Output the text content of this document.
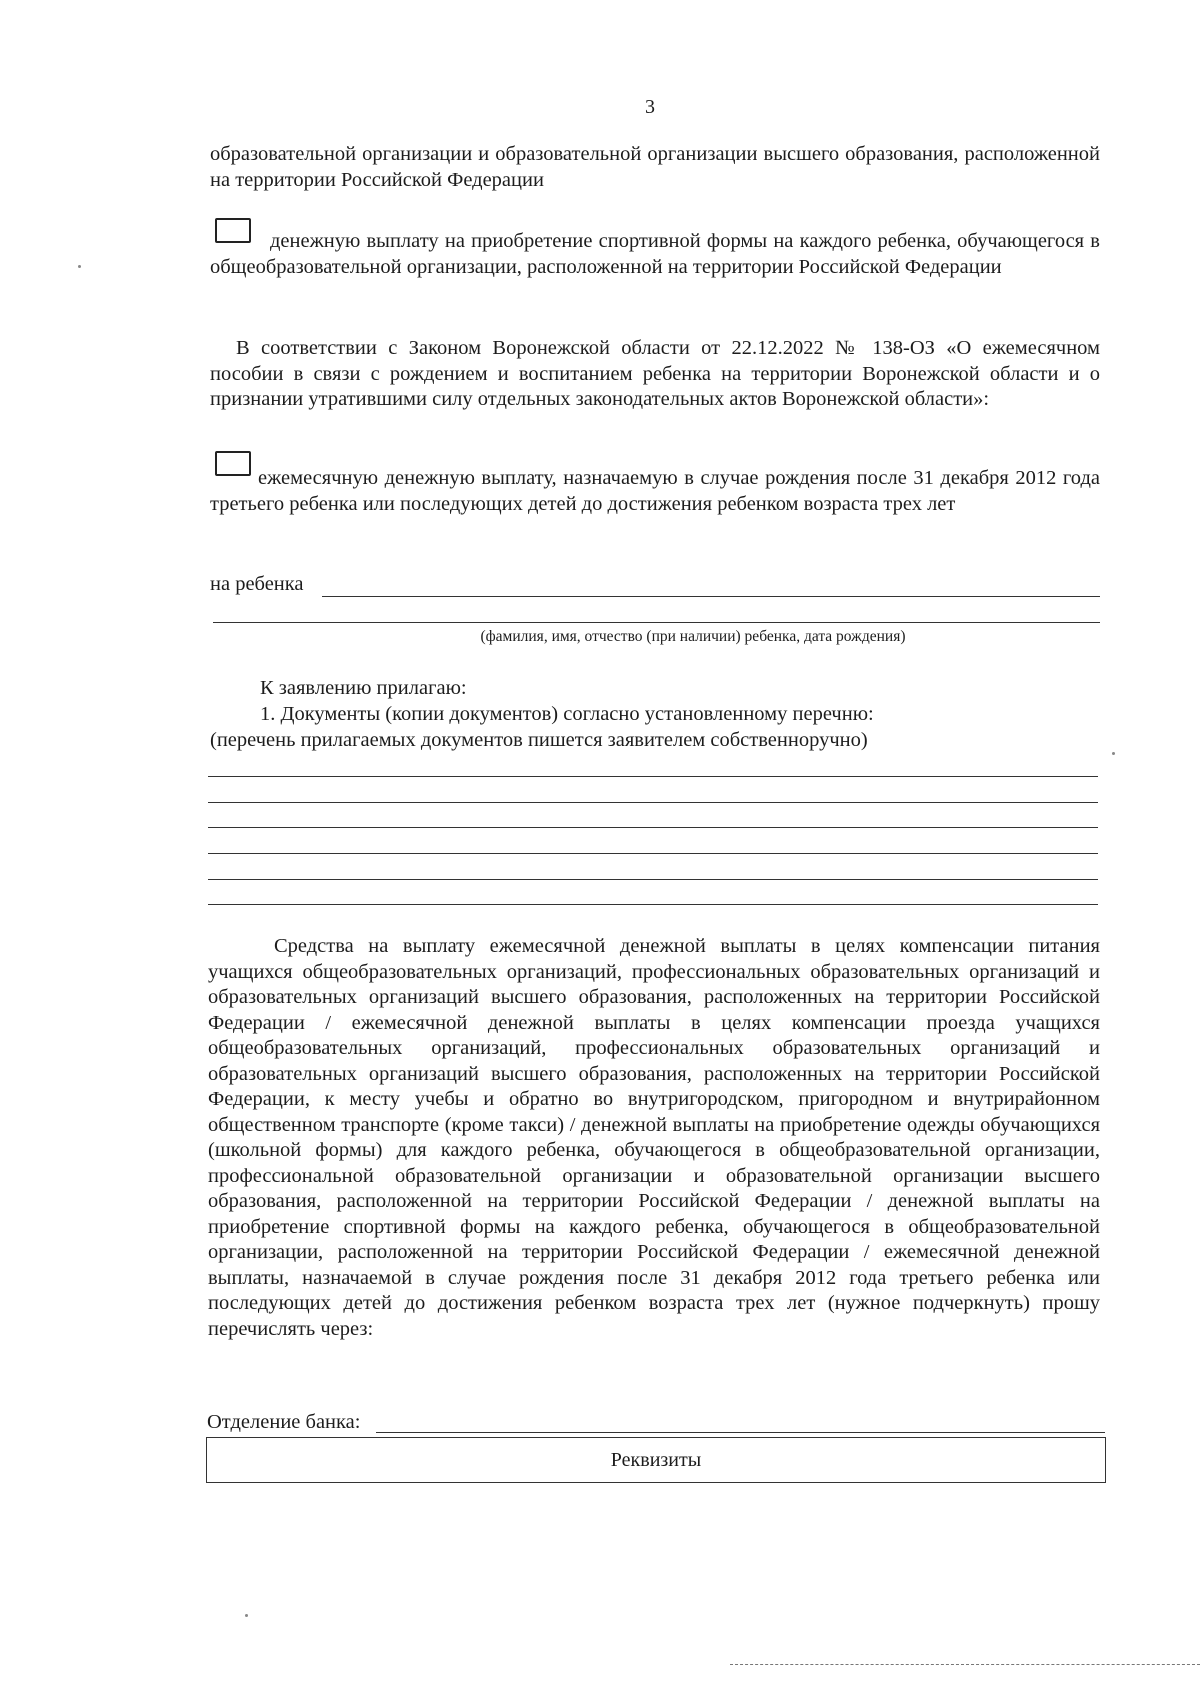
3
образовательной организации и образовательной организации высшего образования, расположенной на территории Российской Федерации
денежную выплату на приобретение спортивной формы на каждого ребенка, обучающегося в общеобразовательной организации, расположенной на территории Российской Федерации
В соответствии с Законом Воронежской области от 22.12.2022 № 138-ОЗ «О ежемесячном пособии в связи с рождением и воспитанием ребенка на территории Воронежской области и о признании утратившими силу отдельных законодательных актов Воронежской области»:
ежемесячную денежную выплату, назначаемую в случае рождения после 31 декабря 2012 года третьего ребенка или последующих детей до достижения ребенком возраста трех лет
на ребенка
(фамилия, имя, отчество (при наличии) ребенка, дата рождения)
К заявлению прилагаю:
1. Документы (копии документов) согласно установленному перечню:
(перечень прилагаемых документов пишется заявителем собственноручно)
Средства на выплату ежемесячной денежной выплаты в целях компенсации питания учащихся общеобразовательных организаций, профессиональных образовательных организаций и образовательных организаций высшего образования, расположенных на территории Российской Федерации / ежемесячной денежной выплаты в целях компенсации проезда учащихся общеобразовательных организаций, профессиональных образовательных организаций и образовательных организаций высшего образования, расположенных на территории Российской Федерации, к месту учебы и обратно во внутригородском, пригородном и внутрирайонном общественном транспорте (кроме такси) / денежной выплаты на приобретение одежды обучающихся (школьной формы) для каждого ребенка, обучающегося в общеобразовательной организации, профессиональной образовательной организации и образовательной организации высшего образования, расположенной на территории Российской Федерации / денежной выплаты на приобретение спортивной формы на каждого ребенка, обучающегося в общеобразовательной организации, расположенной на территории Российской Федерации / ежемесячной денежной выплаты, назначаемой в случае рождения после 31 декабря 2012 года третьего ребенка или последующих детей до достижения ребенком возраста трех лет (нужное подчеркнуть) прошу перечислять через:
Отделение банка:
Реквизиты
